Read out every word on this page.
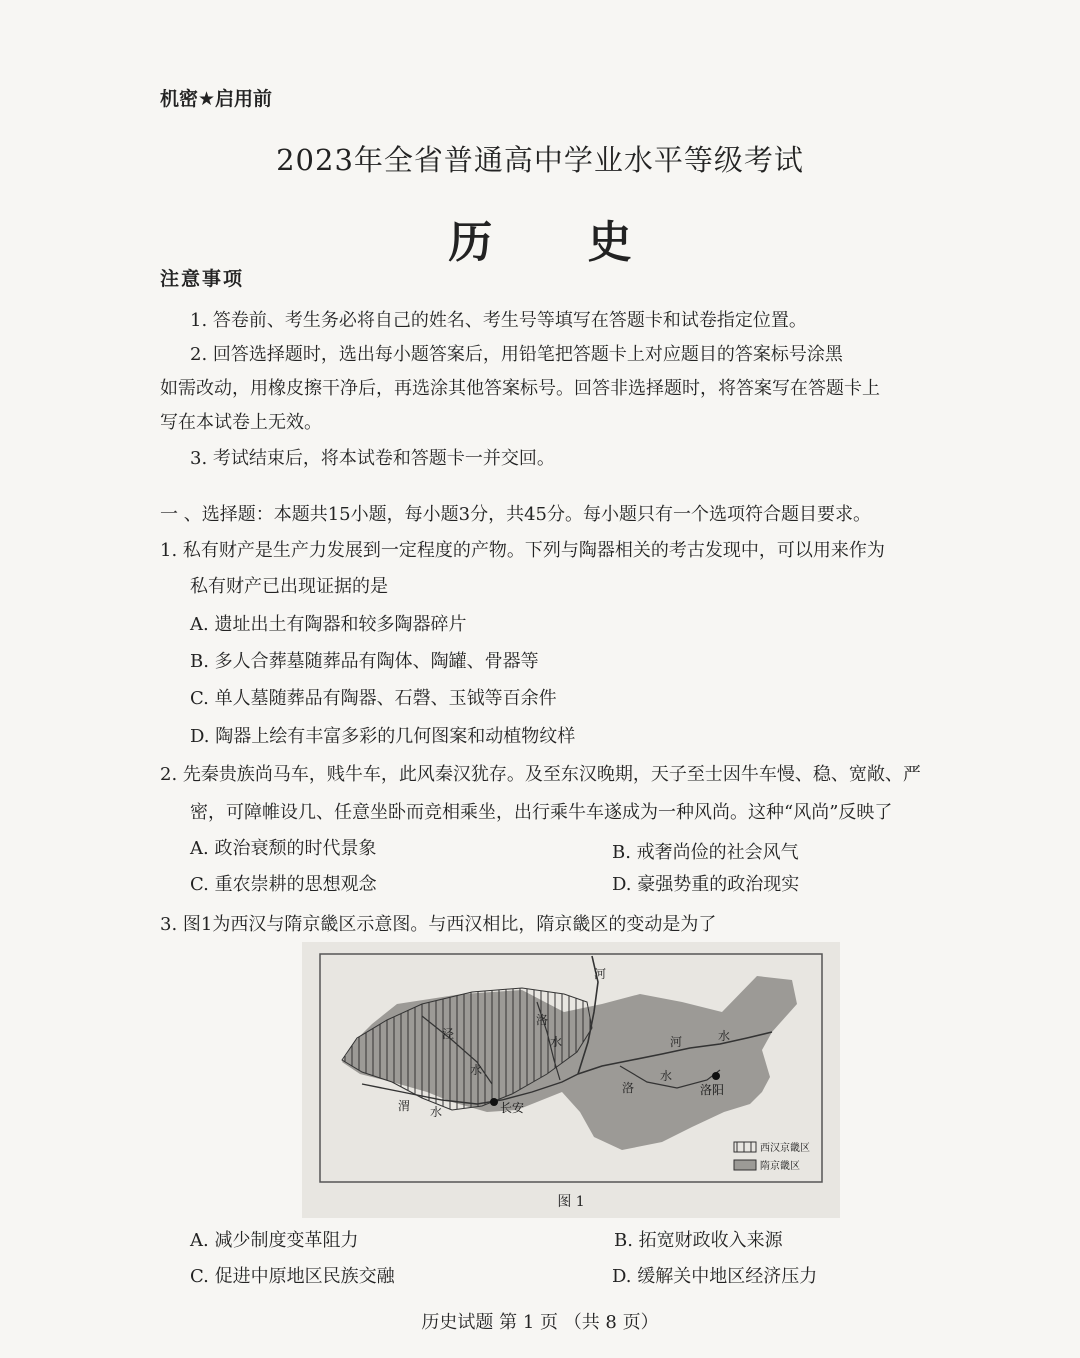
机密★启用前
2023年全省普通高中学业水平等级考试
历 史
注意事项
1. 答卷前、考生务必将自己的姓名、考生号等填写在答题卡和试卷指定位置。
2. 回答选择题时，选出每小题答案后，用铅笔把答题卡上对应题目的答案标号涂黑
如需改动，用橡皮擦干净后，再选涂其他答案标号。回答非选择题时，将答案写在答题卡上
写在本试卷上无效。
3. 考试结束后，将本试卷和答题卡一并交回。
一 、选择题：本题共15小题，每小题3分，共45分。每小题只有一个选项符合题目要求。
1. 私有财产是生产力发展到一定程度的产物。下列与陶器相关的考古发现中，可以用来作为
私有财产已出现证据的是
A. 遗址出土有陶器和较多陶器碎片
B. 多人合葬墓随葬品有陶体、陶罐、骨器等
C. 单人墓随葬品有陶器、石磬、玉钺等百余件
D. 陶器上绘有丰富多彩的几何图案和动植物纹样
2. 先秦贵族尚马车，贱牛车，此风秦汉犹存。及至东汉晚期，天子至士因牛车慢、稳、宽敞、严
密，可障帷设几、任意坐卧而竞相乘坐，出行乘牛车遂成为一种风尚。这种“风尚”反映了
A. 政治衰颓的时代景象	B. 戒奢尚俭的社会风气
C. 重农崇耕的思想观念	D. 豪强势重的政治现实
3. 图1为西汉与隋京畿区示意图。与西汉相比，隋京畿区的变动是为了
河
洛
水
泾
水
渭 水
河	水
洛
水
长安
洛阳
西汉京畿区
隋京畿区
图 1
A. 减少制度变革阻力	B. 拓宽财政收入来源
C. 促进中原地区民族交融	D. 缓解关中地区经济压力
历史试题 第 1 页 （共 8 页）
